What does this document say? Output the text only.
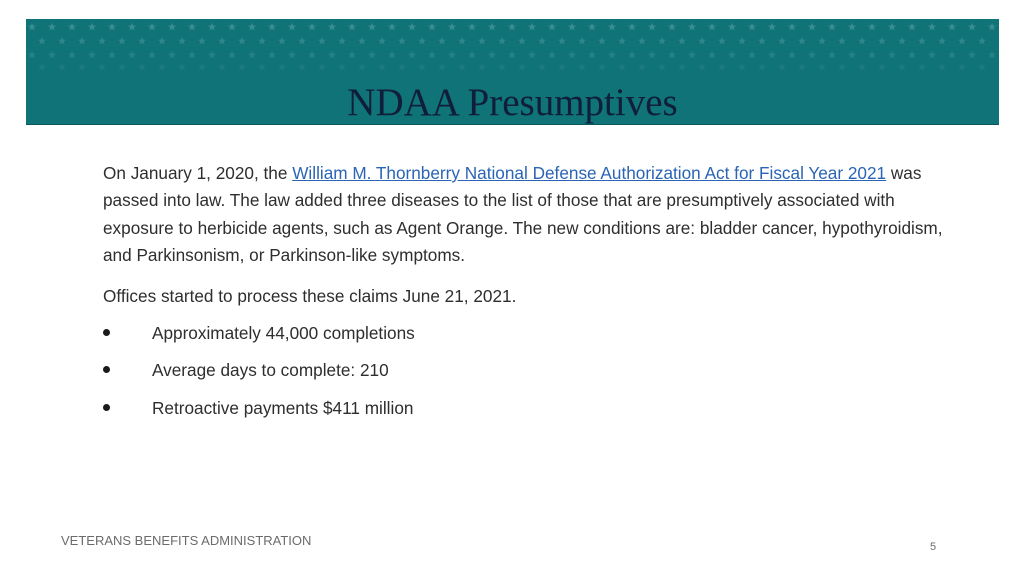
NDAA Presumptives

On January 1, 2020, the William M. Thornberry National Defense Authorization Act for Fiscal Year 2021 was passed into law. The law added three diseases to the list of those that are presumptively associated with exposure to herbicide agents, such as Agent Orange. The new conditions are: bladder cancer, hypothyroidism, and Parkinsonism, or Parkinson-like symptoms.

Offices started to process these claims June 21, 2021.

Approximately 44,000 completions
Average days to complete: 210
Retroactive payments $411 million
VETERANS BENEFITS ADMINISTRATION	5
